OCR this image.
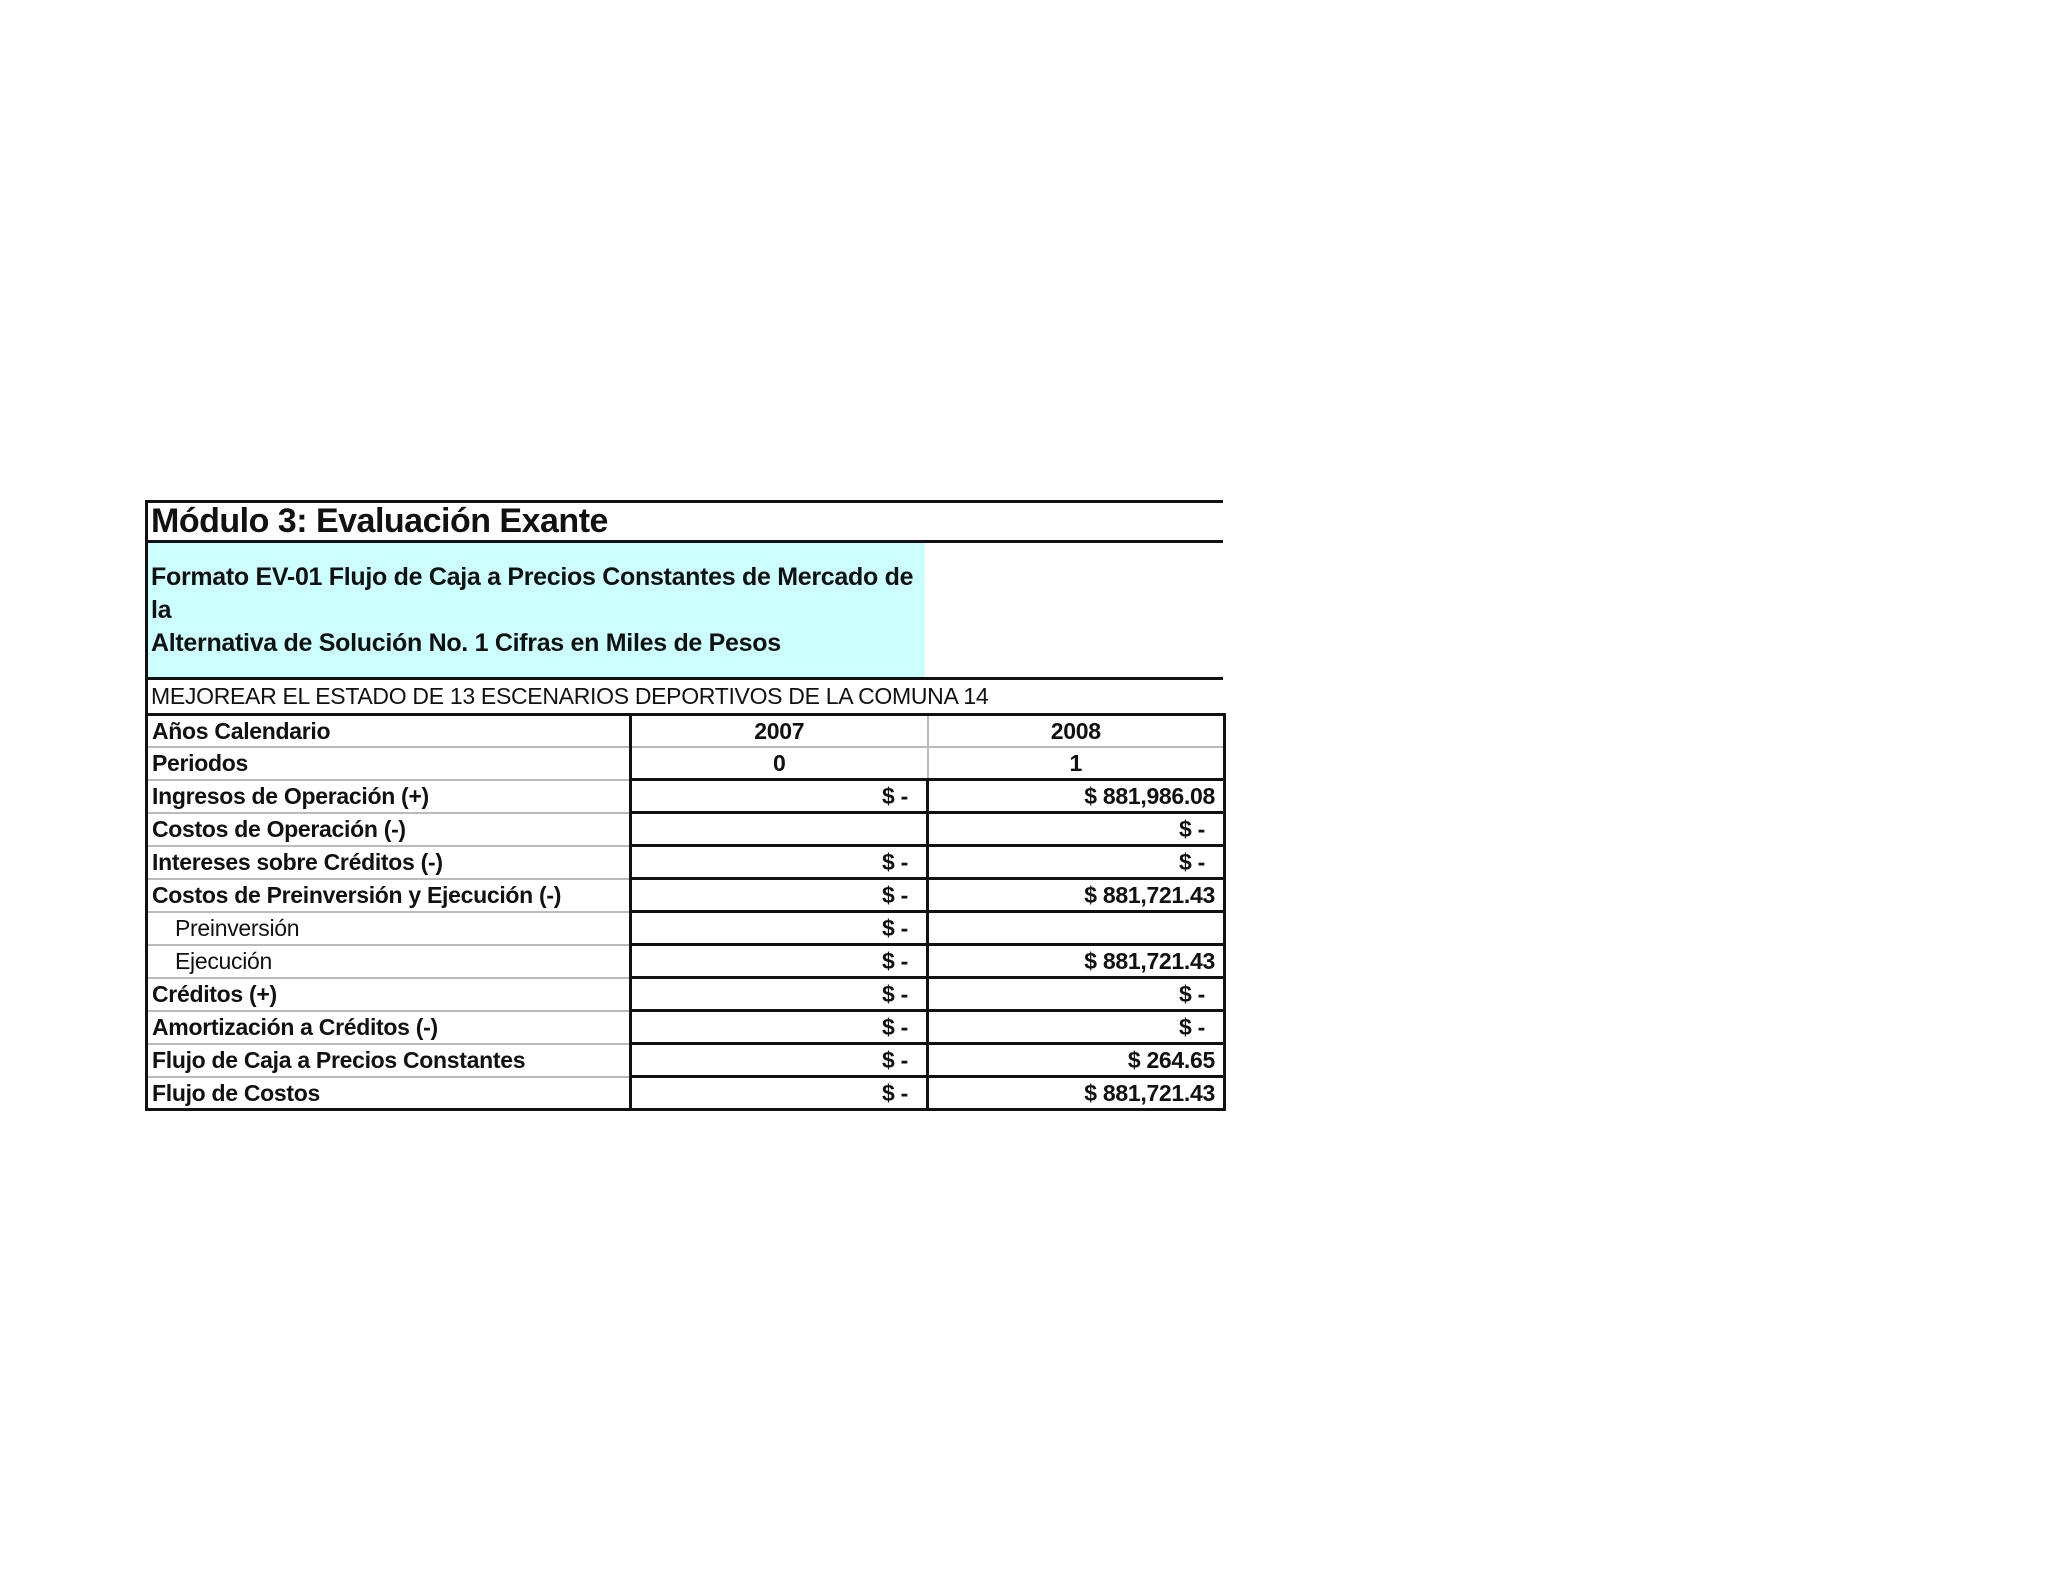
Módulo 3: Evaluación Exante
Formato EV-01 Flujo de Caja a Precios Constantes de Mercado de la
Alternativa de Solución No. 1 Cifras en Miles de Pesos
MEJOREAR EL ESTADO DE 13 ESCENARIOS DEPORTIVOS DE LA COMUNA 14
Años Calendario	2007	2008
Periodos	0	1
Ingresos de Operación (+)	$ -	$ 881,986.08
Costos de Operación (-)		$ -
Intereses sobre Créditos (-)	$ -	$ -
Costos de Preinversión y Ejecución (-)	$ -	$ 881,721.43
Preinversión	$ -	
Ejecución	$ -	$ 881,721.43
Créditos (+)	$ -	$ -
Amortización a Créditos (-)	$ -	$ -
Flujo de Caja a Precios Constantes	$ -	$ 264.65
Flujo de Costos	$ -	$ 881,721.43
